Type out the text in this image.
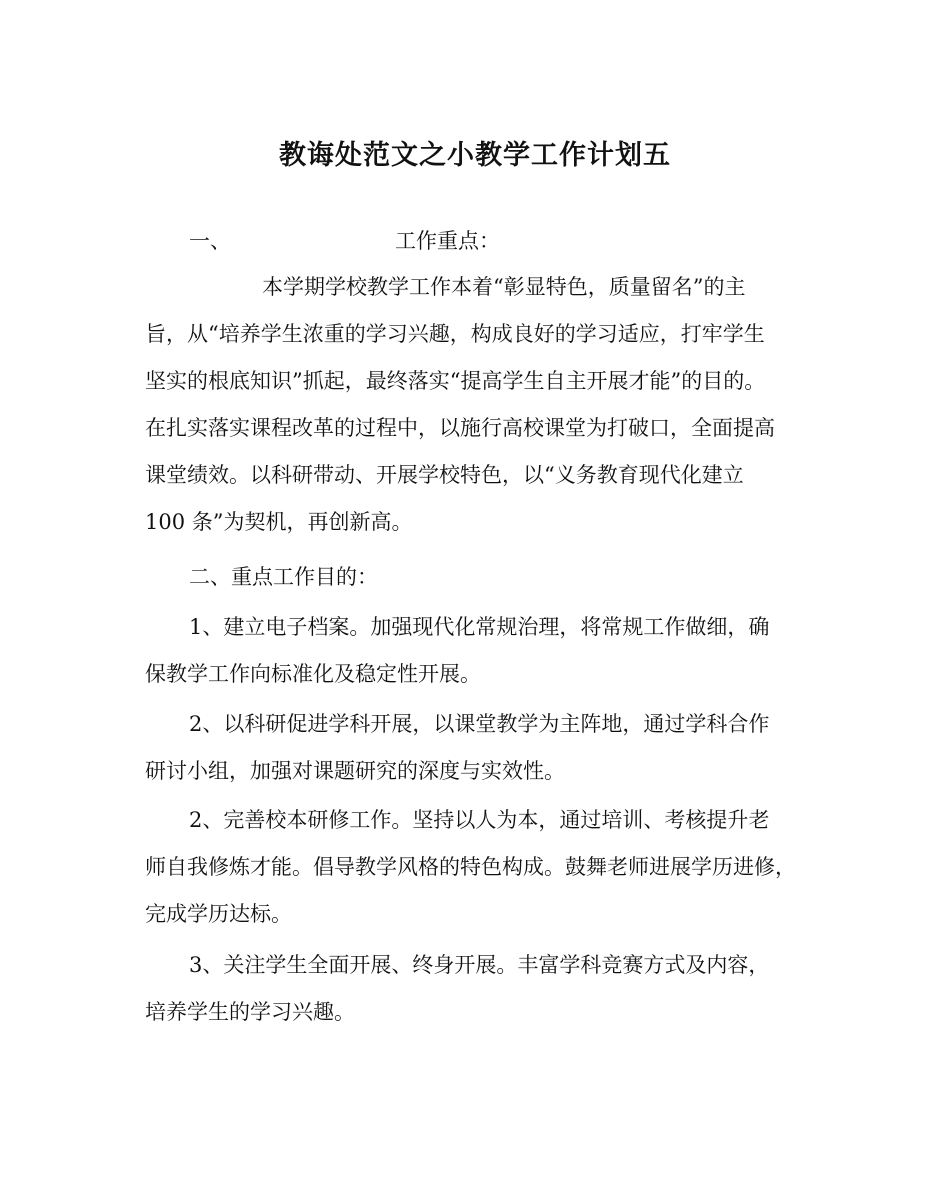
教诲处范文之小教学工作计划五
一、	工作重点：
本学期学校教学工作本着“彰显特色，质量留名”的主
旨，从“培养学生浓重的学习兴趣，构成良好的学习适应，打牢学生
坚实的根底知识”抓起，最终落实“提高学生自主开展才能”的目的。
在扎实落实课程改革的过程中，以施行高校课堂为打破口，全面提高
课堂绩效。以科研带动、开展学校特色，以“义务教育现代化建立
100 条”为契机，再创新高。
二、重点工作目的：
1、建立电子档案。加强现代化常规治理，将常规工作做细，确
保教学工作向标准化及稳定性开展。
2、以科研促进学科开展，以课堂教学为主阵地，通过学科合作
研讨小组，加强对课题研究的深度与实效性。
2、完善校本研修工作。坚持以人为本，通过培训、考核提升老
师自我修炼才能。倡导教学风格的特色构成。鼓舞老师进展学历进修，
完成学历达标。
3、关注学生全面开展、终身开展。丰富学科竞赛方式及内容，
培养学生的学习兴趣。
